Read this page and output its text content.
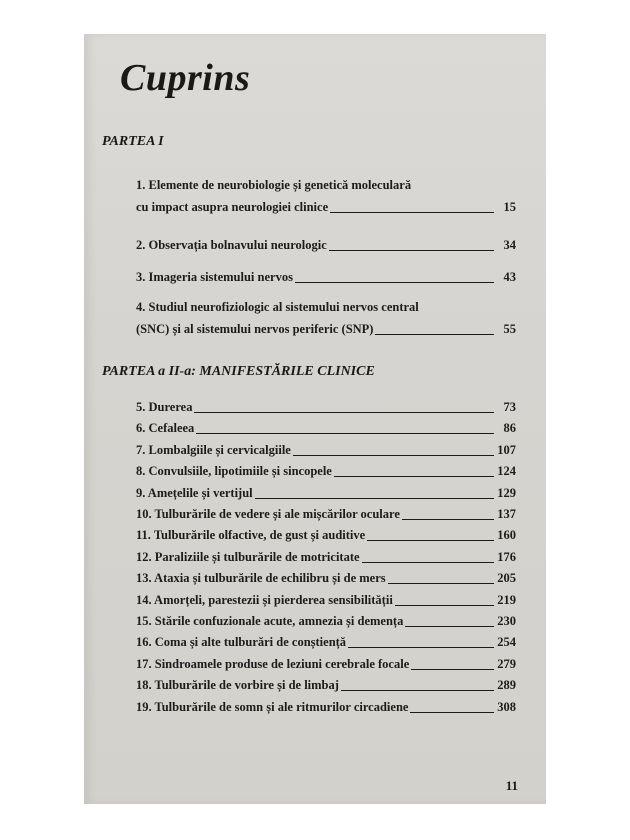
Cuprins
PARTEA I
1. Elemente de neurobiologie și genetică moleculară
cu impact asupra neurologiei clinice	15
2. Observația bolnavului neurologic	34
3. Imageria sistemului nervos	43
4. Studiul neurofiziologic al sistemului nervos central
(SNC) și al sistemului nervos periferic (SNP)	55
PARTEA a II-a: MANIFESTĂRILE CLINICE
5. Durerea	73
6. Cefaleea	86
7. Lombalgiile și cervicalgiile	107
8. Convulsiile, lipotimiile și sincopele	124
9. Amețelile și vertijul	129
10. Tulburările de vedere și ale mișcărilor oculare	137
11. Tulburările olfactive, de gust și auditive	160
12. Paraliziile și tulburările de motricitate	176
13. Ataxia și tulburările de echilibru și de mers	205
14. Amorțeli, parestezii și pierderea sensibilității	219
15. Stările confuzionale acute, amnezia și demența	230
16. Coma și alte tulburări de conștiență	254
17. Sindroamele produse de leziuni cerebrale focale	279
18. Tulburările de vorbire și de limbaj	289
19. Tulburările de somn și ale ritmurilor circadiene	308
11
